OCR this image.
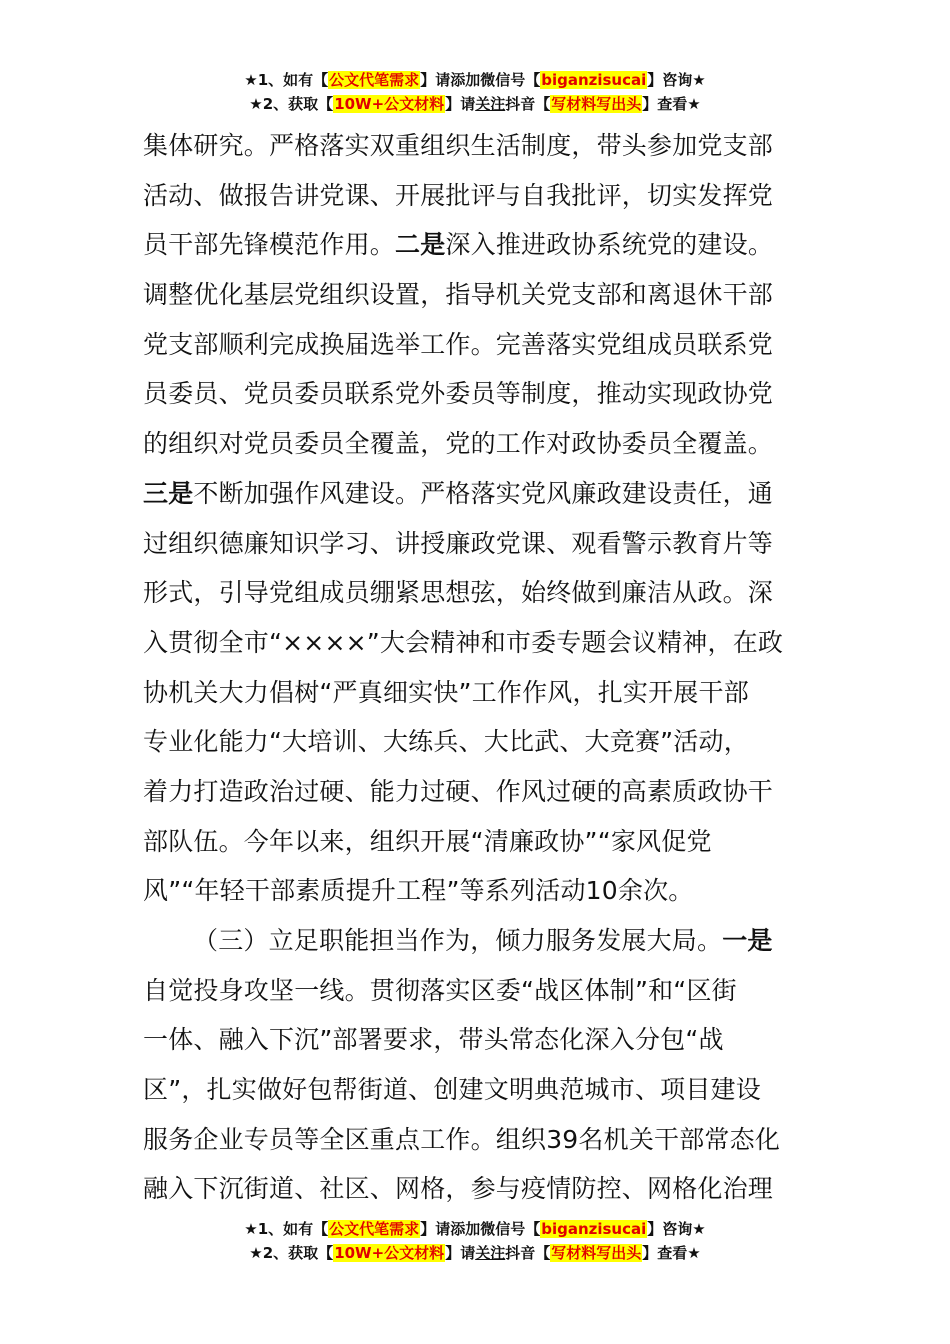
★1、如有【公文代笔需求】请添加微信号【biganzisucai】咨询★
★2、获取【10W+公文材料】请关注抖音【写材料写出头】查看★
集体研究。严格落实双重组织生活制度，带头参加党支部
活动、做报告讲党课、开展批评与自我批评，切实发挥党
员干部先锋模范作用。二是深入推进政协系统党的建设。
调整优化基层党组织设置，指导机关党支部和离退休干部
党支部顺利完成换届选举工作。完善落实党组成员联系党
员委员、党员委员联系党外委员等制度，推动实现政协党
的组织对党员委员全覆盖，党的工作对政协委员全覆盖。
三是不断加强作风建设。严格落实党风廉政建设责任，通
过组织德廉知识学习、讲授廉政党课、观看警示教育片等
形式，引导党组成员绷紧思想弦，始终做到廉洁从政。深
入贯彻全市“××××”大会精神和市委专题会议精神，在政
协机关大力倡树“严真细实快”工作作风，扎实开展干部
专业化能力“大培训、大练兵、大比武、大竞赛”活动，
着力打造政治过硬、能力过硬、作风过硬的高素质政协干
部队伍。今年以来，组织开展“清廉政协”“家风促党
风”“年轻干部素质提升工程”等系列活动10余次。
（三）立足职能担当作为，倾力服务发展大局。一是
自觉投身攻坚一线。贯彻落实区委“战区体制”和“区街
一体、融入下沉”部署要求，带头常态化深入分包“战
区”，扎实做好包帮街道、创建文明典范城市、项目建设
服务企业专员等全区重点工作。组织39名机关干部常态化
融入下沉街道、社区、网格，参与疫情防控、网格化治理
★1、如有【公文代笔需求】请添加微信号【biganzisucai】咨询★
★2、获取【10W+公文材料】请关注抖音【写材料写出头】查看★
